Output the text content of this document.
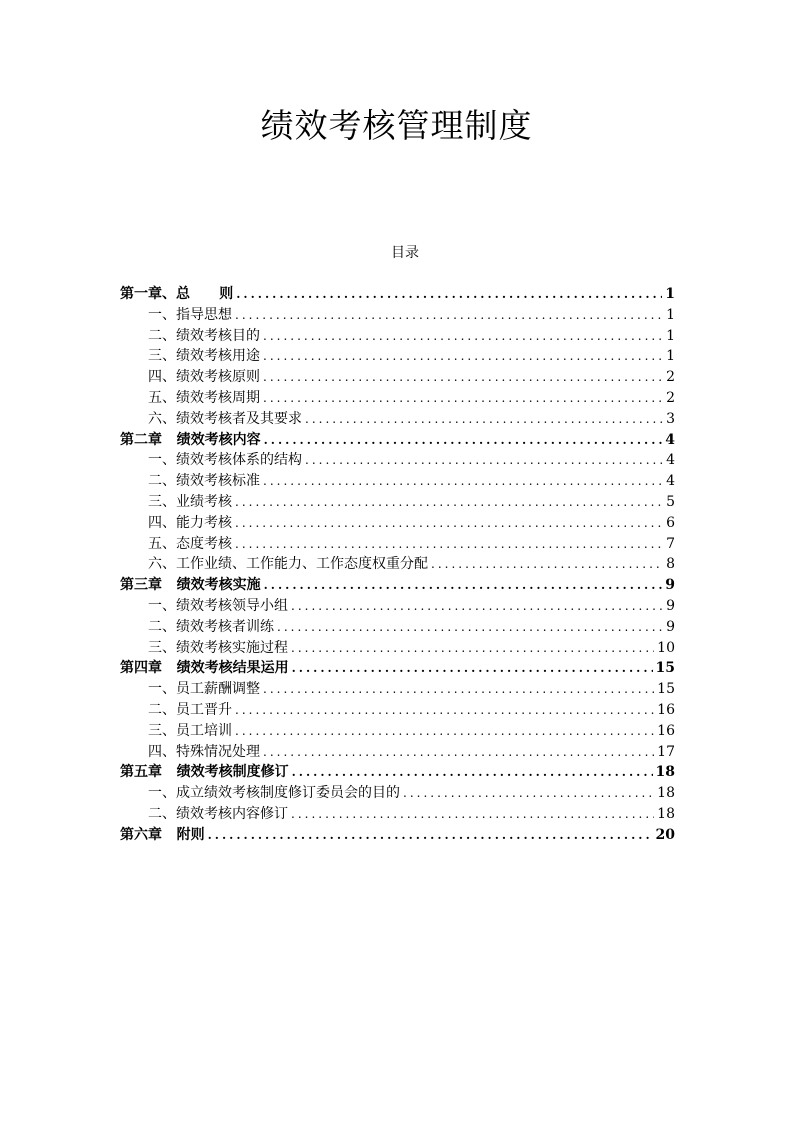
绩效考核管理制度
目录
第一章、总      则 .....	1
一、指导思想 .....	1
二、绩效考核目的 .....	1
三、绩效考核用途 .....	1
四、绩效考核原则 .....	2
五、绩效考核周期 .....	2
六、绩效考核者及其要求 .....	3
第二章   绩效考核内容 .....	4
一、绩效考核体系的结构 .....	4
二、绩效考核标准 .....	4
三、业绩考核 .....	5
四、能力考核 .....	6
五、态度考核 .....	7
六、工作业绩、工作能力、工作态度权重分配 .....	8
第三章   绩效考核实施 .....	9
一、绩效考核领导小组 .....	9
二、绩效考核者训练 .....	9
三、绩效考核实施过程 .....	10
第四章   绩效考核结果运用 .....	15
一、员工薪酬调整 .....	15
二、员工晋升 .....	16
三、员工培训 .....	16
四、特殊情况处理 .....	17
第五章   绩效考核制度修订 .....	18
一、成立绩效考核制度修订委员会的目的 .....	18
二、绩效考核内容修订 .....	18
第六章   附则 .....	20
